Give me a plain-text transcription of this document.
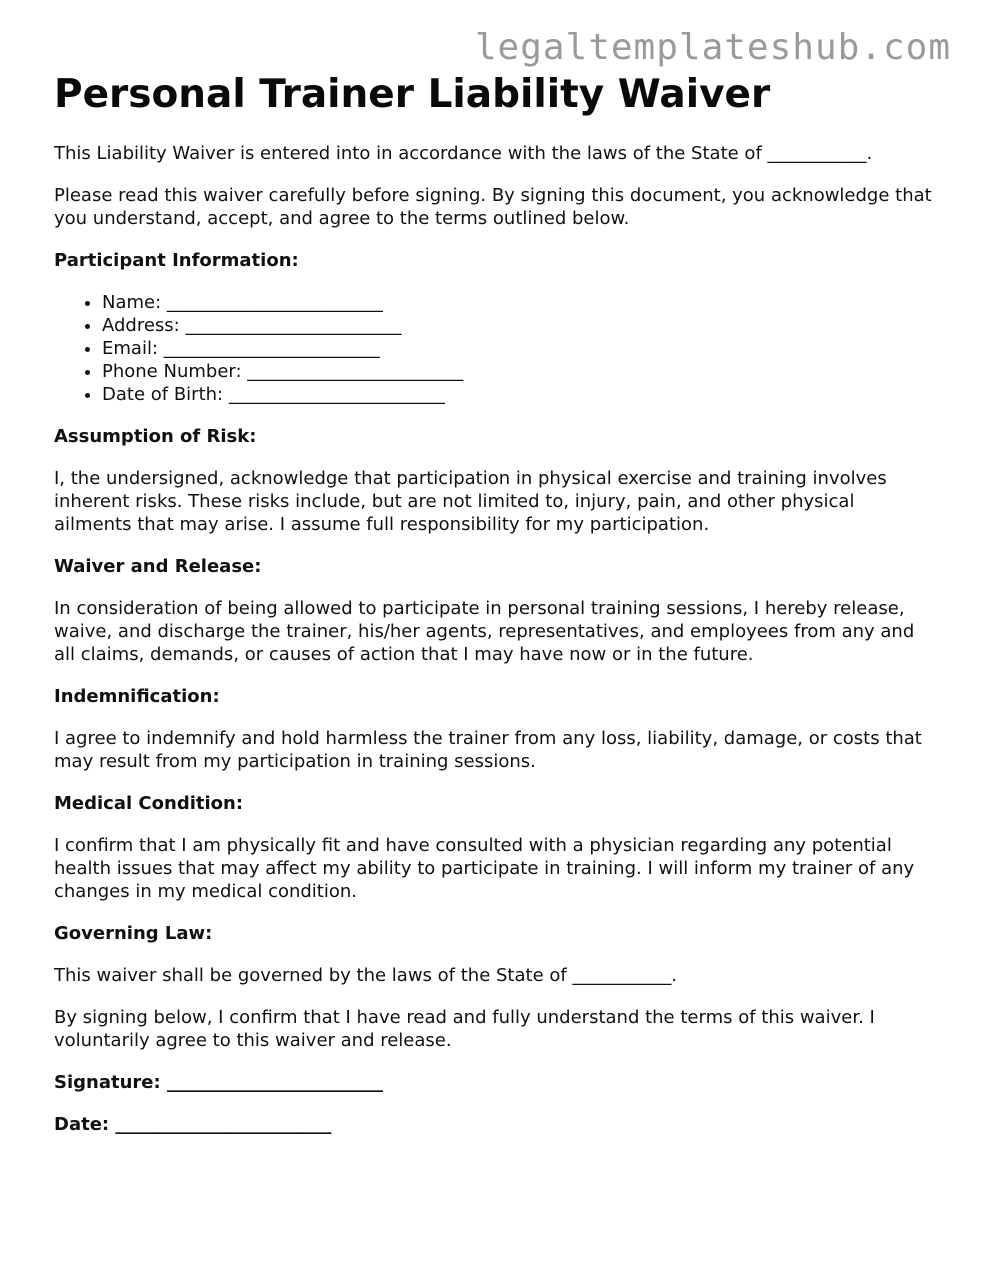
legaltemplateshub.com
Personal Trainer Liability Waiver

This Liability Waiver is entered into in accordance with the laws of the State of ___________.

Please read this waiver carefully before signing. By signing this document, you acknowledge that you understand, accept, and agree to the terms outlined below.

Participant Information:

• Name: ________________________
• Address: ________________________
• Email: ________________________
• Phone Number: ________________________
• Date of Birth: ________________________

Assumption of Risk:

I, the undersigned, acknowledge that participation in physical exercise and training involves inherent risks. These risks include, but are not limited to, injury, pain, and other physical ailments that may arise. I assume full responsibility for my participation.

Waiver and Release:

In consideration of being allowed to participate in personal training sessions, I hereby release, waive, and discharge the trainer, his/her agents, representatives, and employees from any and all claims, demands, or causes of action that I may have now or in the future.

Indemnification:

I agree to indemnify and hold harmless the trainer from any loss, liability, damage, or costs that may result from my participation in training sessions.

Medical Condition:

I confirm that I am physically fit and have consulted with a physician regarding any potential health issues that may affect my ability to participate in training. I will inform my trainer of any changes in my medical condition.

Governing Law:

This waiver shall be governed by the laws of the State of ___________.

By signing below, I confirm that I have read and fully understand the terms of this waiver. I voluntarily agree to this waiver and release.

Signature: ________________________

Date: ________________________
